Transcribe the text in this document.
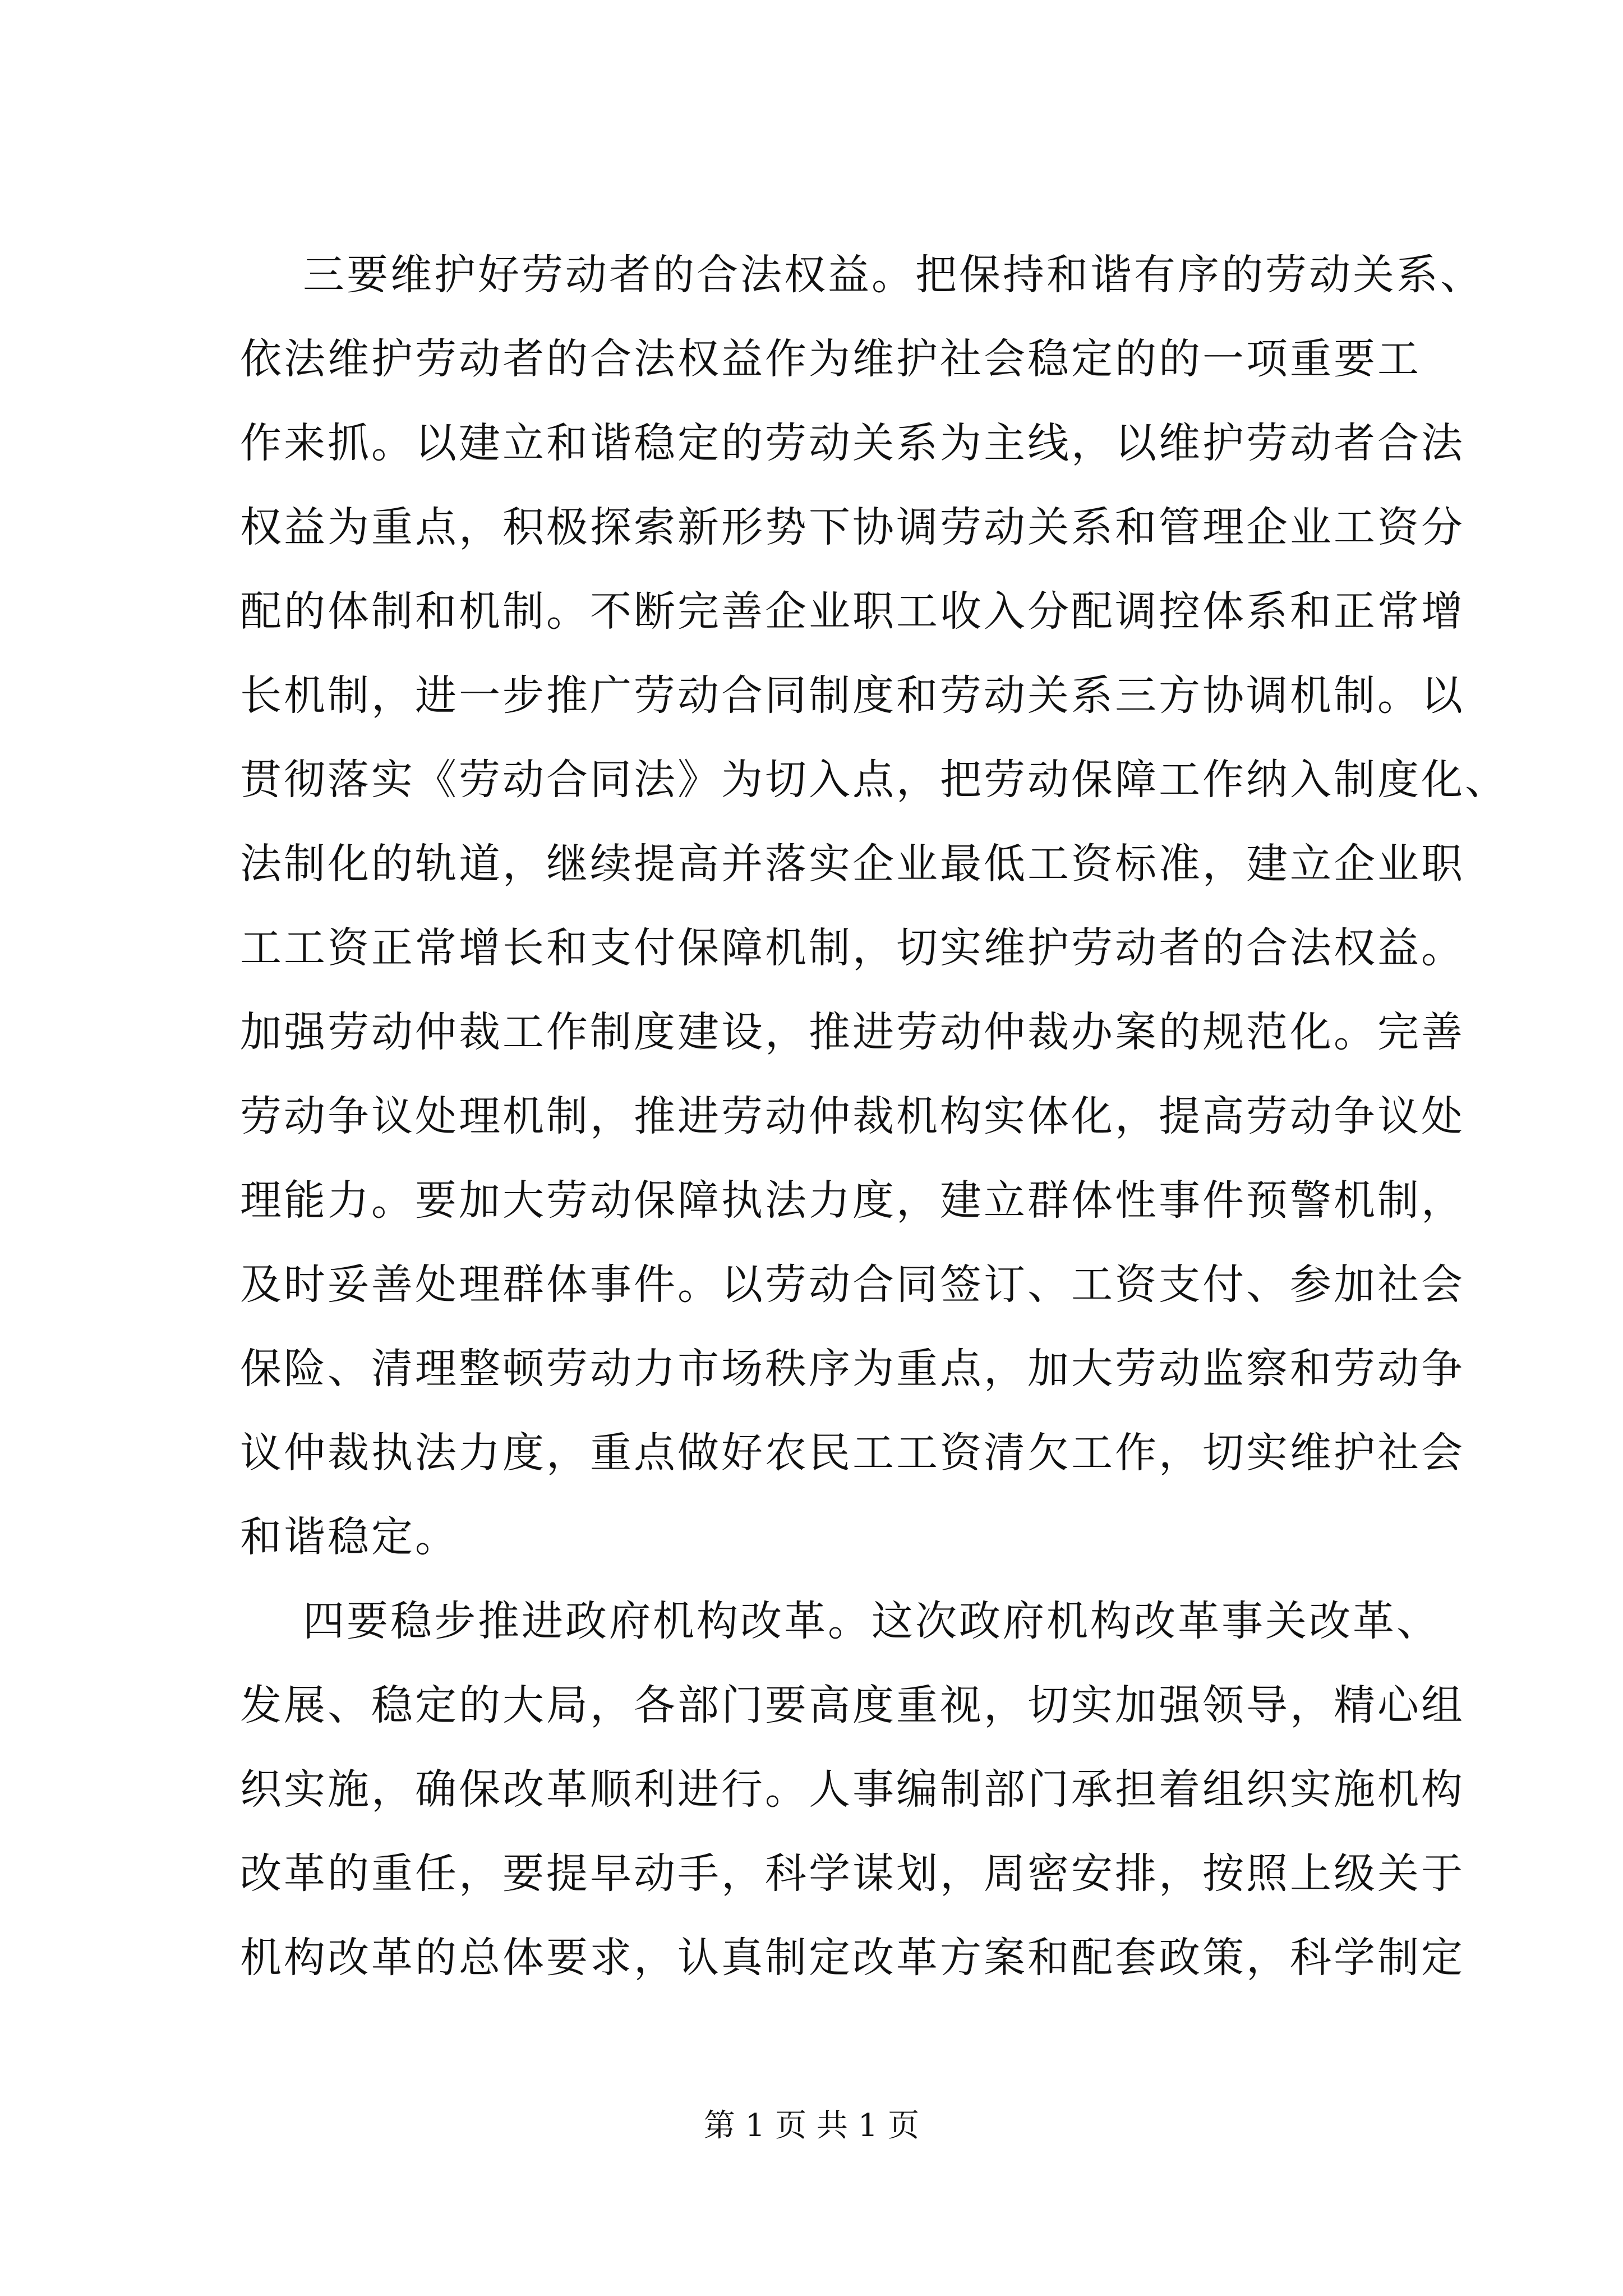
三要维护好劳动者的合法权益。把保持和谐有序的劳动关系、
依法维护劳动者的合法权益作为维护社会稳定的的一项重要工
作来抓。以建立和谐稳定的劳动关系为主线，以维护劳动者合法
权益为重点，积极探索新形势下协调劳动关系和管理企业工资分
配的体制和机制。不断完善企业职工收入分配调控体系和正常增
长机制，进一步推广劳动合同制度和劳动关系三方协调机制。以
贯彻落实《劳动合同法》为切入点，把劳动保障工作纳入制度化、
法制化的轨道，继续提高并落实企业最低工资标准，建立企业职
工工资正常增长和支付保障机制，切实维护劳动者的合法权益。
加强劳动仲裁工作制度建设，推进劳动仲裁办案的规范化。完善
劳动争议处理机制，推进劳动仲裁机构实体化，提高劳动争议处
理能力。要加大劳动保障执法力度，建立群体性事件预警机制，
及时妥善处理群体事件。以劳动合同签订、工资支付、参加社会
保险、清理整顿劳动力市场秩序为重点，加大劳动监察和劳动争
议仲裁执法力度，重点做好农民工工资清欠工作，切实维护社会
和谐稳定。
四要稳步推进政府机构改革。这次政府机构改革事关改革、
发展、稳定的大局，各部门要高度重视，切实加强领导，精心组
织实施，确保改革顺利进行。人事编制部门承担着组织实施机构
改革的重任，要提早动手，科学谋划，周密安排，按照上级关于
机构改革的总体要求，认真制定改革方案和配套政策，科学制定
第 1 页 共 1 页
